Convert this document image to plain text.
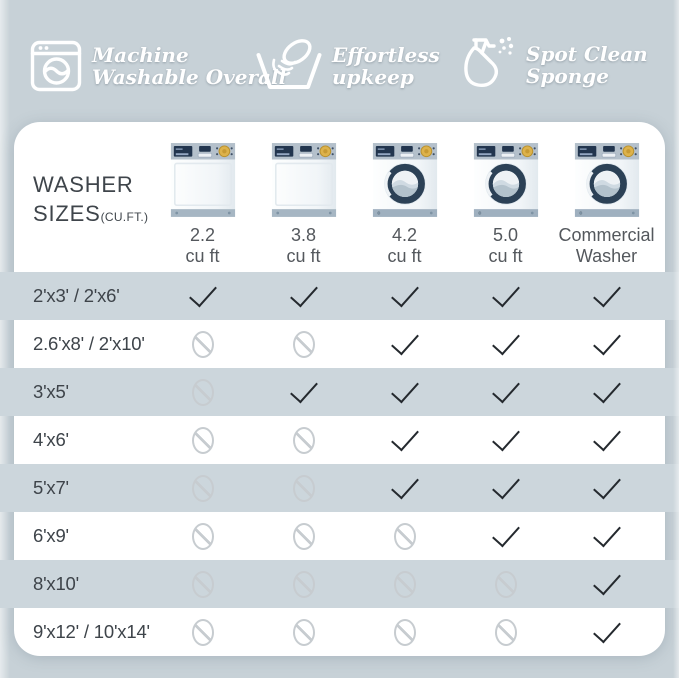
Machine
Washable Overall
Effortless
upkeep
Spot Clean
Sponge
WASHER
SIZES(CU.FT.)
2.2
cu ft
3.8
cu ft
4.2
cu ft
5.0
cu ft
Commercial
Washer
2'x3' / 2'x6'
2.6'x8' / 2'x10'
3'x5'
4'x6'
5'x7'
6'x9'
8'x10'
9'x12' / 10'x14'
